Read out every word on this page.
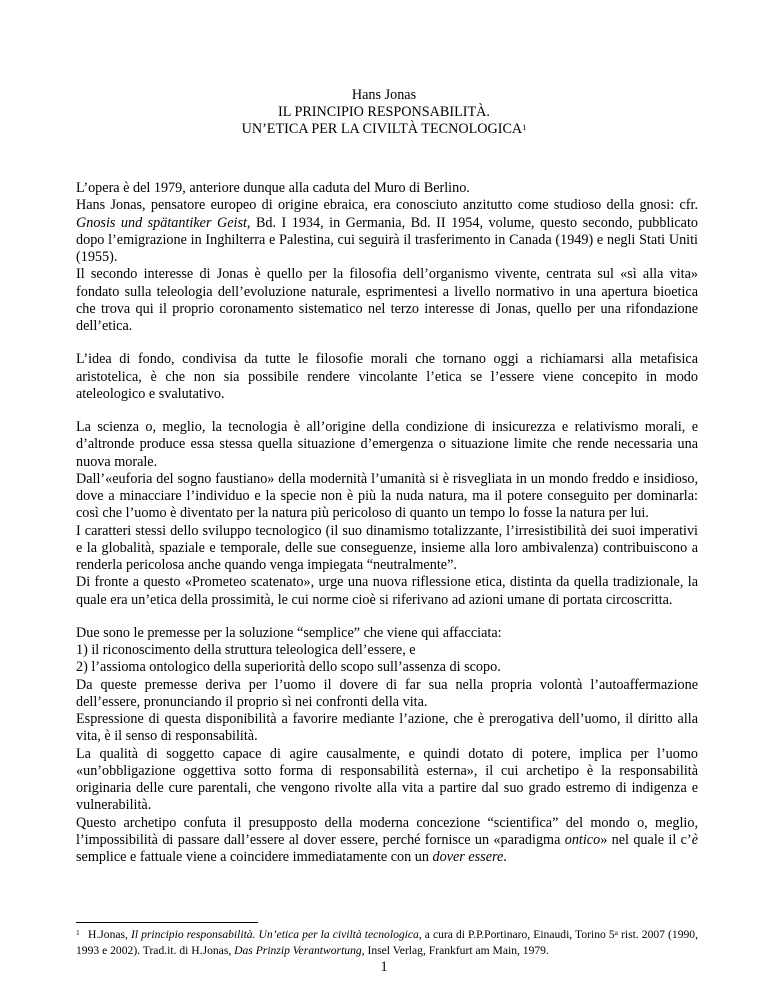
Hans Jonas
IL PRINCIPIO RESPONSABILITÀ.
UN’ETICA PER LA CIVILTÀ TECNOLOGICA$^1$

L’opera è del 1979, anteriore dunque alla caduta del Muro di Berlino.

Hans Jonas, pensatore europeo di origine ebraica, era conosciuto anzitutto come studioso della gnosi: cfr. Gnosis und spätantiker Geist, Bd. I 1934, in Germania, Bd. II 1954, volume, questo secondo, pubblicato dopo l’emigrazione in Inghilterra e Palestina, cui seguirà il trasferimento in Canada (1949) e negli Stati Uniti (1955).

Il secondo interesse di Jonas è quello per la filosofia dell’organismo vivente, centrata sul «sì alla vita» fondato sulla teleologia dell’evoluzione naturale, esprimentesi a livello normativo in una apertura bioetica che trova qui il proprio coronamento sistematico nel terzo interesse di Jonas, quello per una rifondazione dell’etica.

L’idea di fondo, condivisa da tutte le filosofie morali che tornano oggi a richiamarsi alla metafisica aristotelica, è che non sia possibile rendere vincolante l’etica se l’essere viene concepito in modo ateleologico e svalutativo.

La scienza o, meglio, la tecnologia è all’origine della condizione di insicurezza e relativismo morali, e d’altronde produce essa stessa quella situazione d’emergenza o situazione limite che rende necessaria una nuova morale.

Dall’«euforia del sogno faustiano» della modernità l’umanità si è risvegliata in un mondo freddo e insidioso, dove a minacciare l’individuo e la specie non è più la nuda natura, ma il potere conseguito per dominarla: così che l’uomo è diventato per la natura più pericoloso di quanto un tempo lo fosse la natura per lui.

I caratteri stessi dello sviluppo tecnologico (il suo dinamismo totalizzante, l’irresistibilità dei suoi imperativi e la globalità, spaziale e temporale, delle sue conseguenze, insieme alla loro ambivalenza) contribuiscono a renderla pericolosa anche quando venga impiegata “neutralmente”.

Di fronte a questo «Prometeo scatenato», urge una nuova riflessione etica, distinta da quella tradizionale, la quale era un’etica della prossimità, le cui norme cioè si riferivano ad azioni umane di portata circoscritta.

Due sono le premesse per la soluzione “semplice” che viene qui affacciata:

1) il riconoscimento della struttura teleologica dell’essere, e

2) l’assioma ontologico della superiorità dello scopo sull’assenza di scopo.

Da queste premesse deriva per l’uomo il dovere di far sua nella propria volontà l’autoaffermazione dell’essere, pronunciando il proprio sì nei confronti della vita.

Espressione di questa disponibilità a favorire mediante l’azione, che è prerogativa dell’uomo, il diritto alla vita, è il senso di responsabilità.

La qualità di soggetto capace di agire causalmente, e quindi dotato di potere, implica per l’uomo «un’obbligazione oggettiva sotto forma di responsabilità esterna», il cui archetipo è la responsabilità originaria delle cure parentali, che vengono rivolte alla vita a partire dal suo grado estremo di indigenza e vulnerabilità.

Questo archetipo confuta il presupposto della moderna concezione “scientifica” del mondo o, meglio, l’impossibilità di passare dall’essere al dover essere, perché fornisce un «paradigma ontico» nel quale il c’è semplice e fattuale viene a coincidere immediatamente con un dover essere.

$^1$ H.Jonas, Il principio responsabilità. Un’etica per la civiltà tecnologica, a cura di P.P.Portinaro, Einaudi, Torino 5$^a$ rist. 2007 (1990, 1993 e 2002). Trad.it. di H.Jonas, Das Prinzip Verantwortung, Insel Verlag, Frankfurt am Main, 1979.
1
